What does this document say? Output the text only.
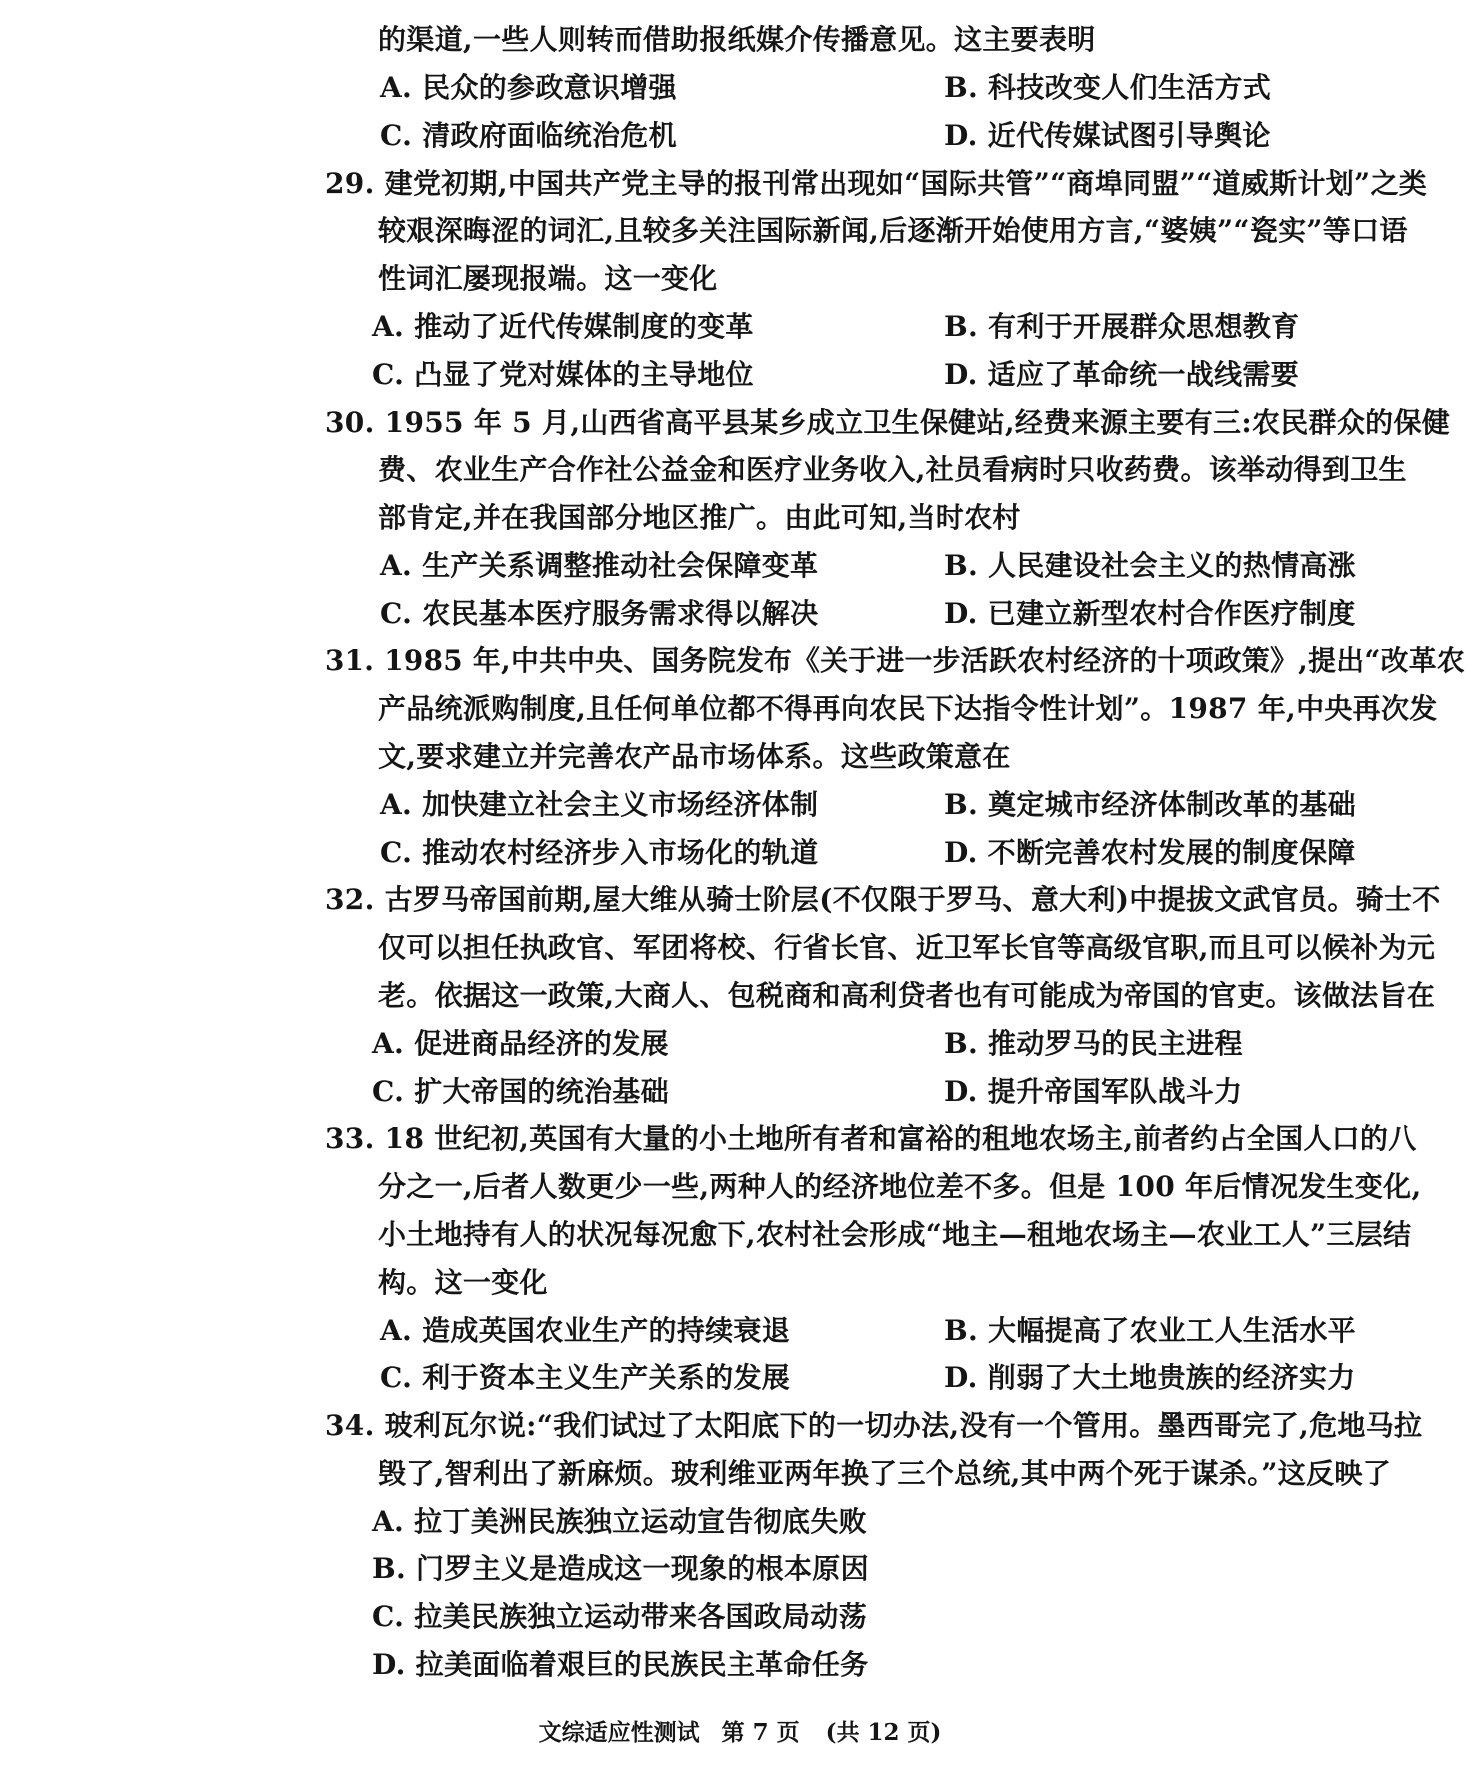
的渠道,一些人则转而借助报纸媒介传播意见。这主要表明
A. 民众的参政意识增强	B. 科技改变人们生活方式
C. 清政府面临统治危机	D. 近代传媒试图引导舆论
29. 建党初期,中国共产党主导的报刊常出现如“国际共管”“商埠同盟”“道威斯计划”之类
较艰深晦涩的词汇,且较多关注国际新闻,后逐渐开始使用方言,“婆姨”“瓷实”等口语
性词汇屡现报端。这一变化
A. 推动了近代传媒制度的变革	B. 有利于开展群众思想教育
C. 凸显了党对媒体的主导地位	D. 适应了革命统一战线需要
30. 1955 年 5 月,山西省高平县某乡成立卫生保健站,经费来源主要有三:农民群众的保健
费、农业生产合作社公益金和医疗业务收入,社员看病时只收药费。该举动得到卫生
部肯定,并在我国部分地区推广。由此可知,当时农村
A. 生产关系调整推动社会保障变革	B. 人民建设社会主义的热情高涨
C. 农民基本医疗服务需求得以解决	D. 已建立新型农村合作医疗制度
31. 1985 年,中共中央、国务院发布《关于进一步活跃农村经济的十项政策》,提出“改革农
产品统派购制度,且任何单位都不得再向农民下达指令性计划”。1987 年,中央再次发
文,要求建立并完善农产品市场体系。这些政策意在
A. 加快建立社会主义市场经济体制	B. 奠定城市经济体制改革的基础
C. 推动农村经济步入市场化的轨道	D. 不断完善农村发展的制度保障
32. 古罗马帝国前期,屋大维从骑士阶层(不仅限于罗马、意大利)中提拔文武官员。骑士不
仅可以担任执政官、军团将校、行省长官、近卫军长官等高级官职,而且可以候补为元
老。依据这一政策,大商人、包税商和高利贷者也有可能成为帝国的官吏。该做法旨在
A. 促进商品经济的发展	B. 推动罗马的民主进程
C. 扩大帝国的统治基础	D. 提升帝国军队战斗力
33. 18 世纪初,英国有大量的小土地所有者和富裕的租地农场主,前者约占全国人口的八
分之一,后者人数更少一些,两种人的经济地位差不多。但是 100 年后情况发生变化,
小土地持有人的状况每况愈下,农村社会形成“地主—租地农场主—农业工人”三层结
构。这一变化
A. 造成英国农业生产的持续衰退	B. 大幅提高了农业工人生活水平
C. 利于资本主义生产关系的发展	D. 削弱了大土地贵族的经济实力
34. 玻利瓦尔说:“我们试过了太阳底下的一切办法,没有一个管用。墨西哥完了,危地马拉
毁了,智利出了新麻烦。玻利维亚两年换了三个总统,其中两个死于谋杀。”这反映了
A. 拉丁美洲民族独立运动宣告彻底失败
B. 门罗主义是造成这一现象的根本原因
C. 拉美民族独立运动带来各国政局动荡
D. 拉美面临着艰巨的民族民主革命任务
文综适应性测试 第 7 页 (共 12 页)
